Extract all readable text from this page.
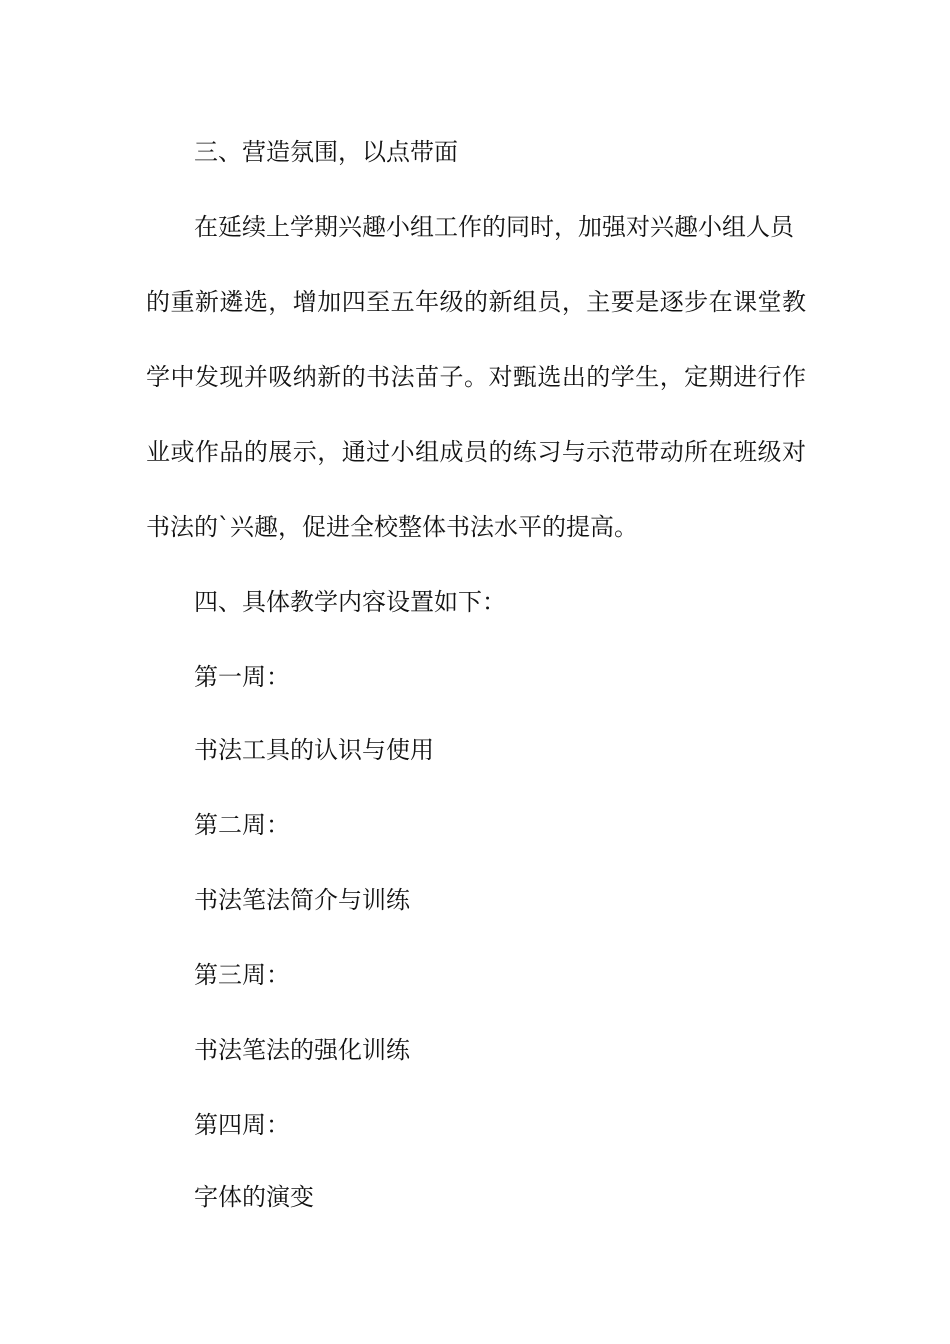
三、营造氛围，以点带面
在延续上学期兴趣小组工作的同时，加强对兴趣小组人员
的重新遴选，增加四至五年级的新组员，主要是逐步在课堂教
学中发现并吸纳新的书法苗子。对甄选出的学生，定期进行作
业或作品的展示，通过小组成员的练习与示范带动所在班级对
书法的`兴趣，促进全校整体书法水平的提高。
四、具体教学内容设置如下：
第一周：
书法工具的认识与使用
第二周：
书法笔法简介与训练
第三周：
书法笔法的强化训练
第四周：
字体的演变
